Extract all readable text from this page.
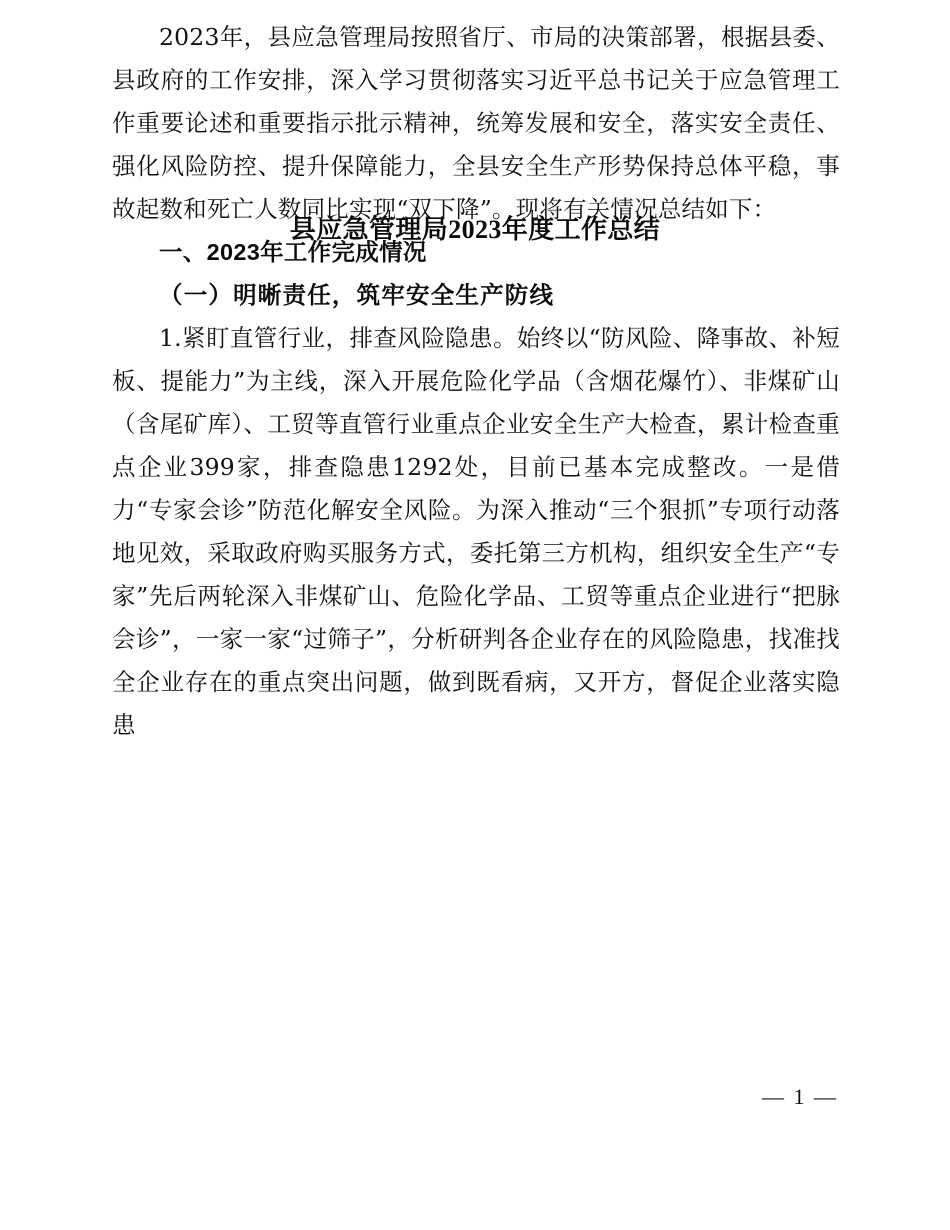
县应急管理局2023年度工作总结

2023年，县应急管理局按照省厅、市局的决策部署，根据县委、县政府的工作安排，深入学习贯彻落实习近平总书记关于应急管理工作重要论述和重要指示批示精神，统筹发展和安全，落实安全责任、强化风险防控、提升保障能力，全县安全生产形势保持总体平稳，事故起数和死亡人数同比实现“双下降”。现将有关情况总结如下：

一、2023年工作完成情况
（一）明晰责任，筑牢安全生产防线

1.紧盯直管行业，排查风险隐患。始终以“防风险、降事故、补短板、提能力”为主线，深入开展危险化学品（含烟花爆竹）、非煤矿山（含尾矿库）、工贸等直管行业重点企业安全生产大检查，累计检查重点企业399家，排查隐患1292处，目前已基本完成整改。一是借力“专家会诊”防范化解安全风险。为深入推动“三个狠抓”专项行动落地见效，采取政府购买服务方式，委托第三方机构，组织安全生产“专家”先后两轮深入非煤矿山、危险化学品、工贸等重点企业进行“把脉会诊”，一家一家“过筛子”，分析研判各企业存在的风险隐患，找准找全企业存在的重点突出问题，做到既看病，又开方，督促企业落实隐患

— 1 —
